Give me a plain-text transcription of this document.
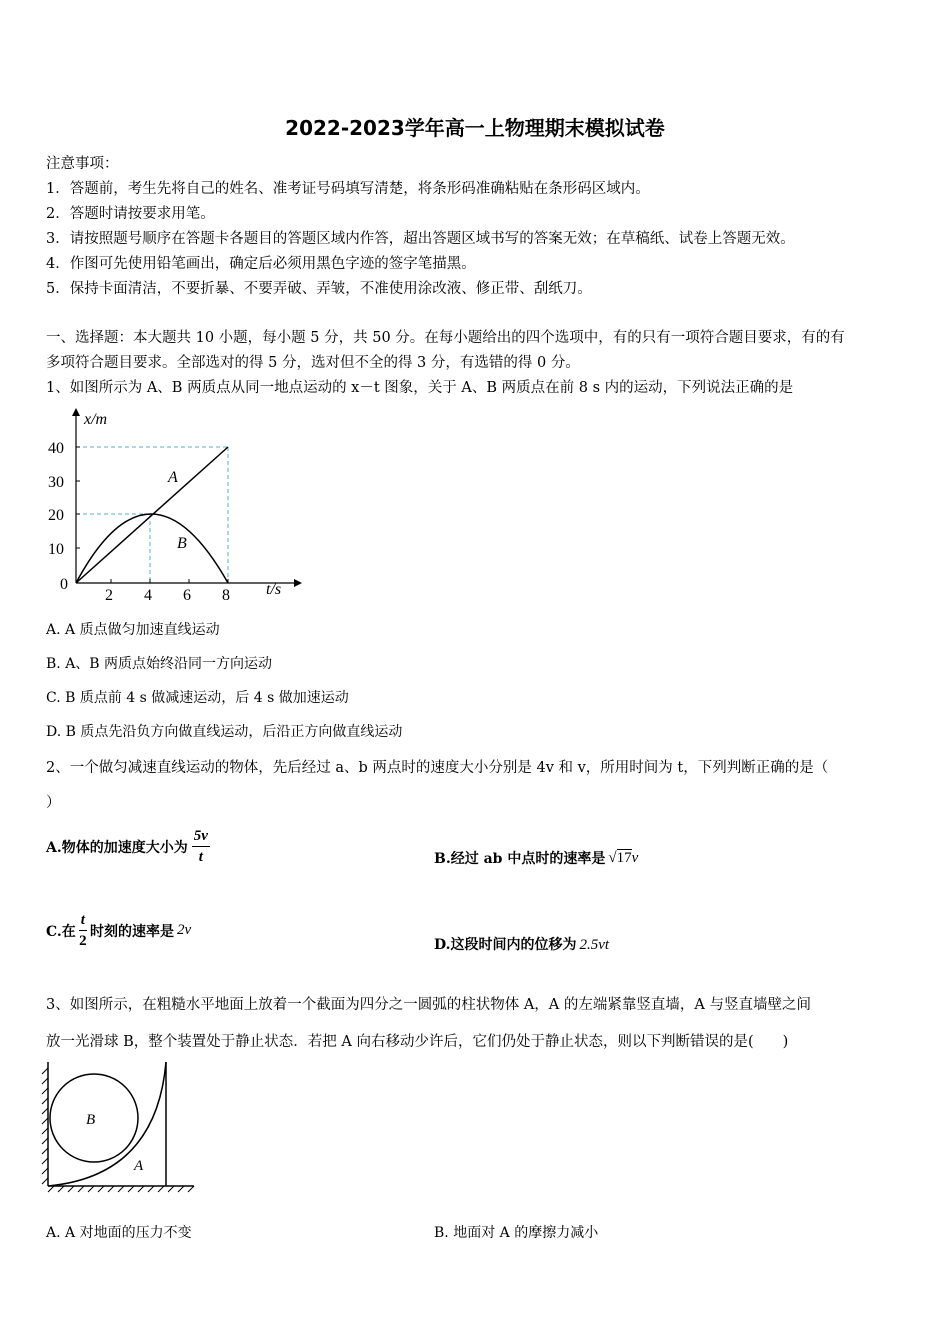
2022-2023学年高一上物理期末模拟试卷
注意事项：
1．答题前，考生先将自己的姓名、准考证号码填写清楚，将条形码准确粘贴在条形码区域内。
2．答题时请按要求用笔。
3．请按照题号顺序在答题卡各题目的答题区域内作答，超出答题区域书写的答案无效；在草稿纸、试卷上答题无效。
4．作图可先使用铅笔画出，确定后必须用黑色字迹的签字笔描黑。
5．保持卡面清洁，不要折暴、不要弄破、弄皱，不准使用涂改液、修正带、刮纸刀。
一、选择题：本大题共 10 小题，每小题 5 分，共 50 分。在每小题给出的四个选项中，有的只有一项符合题目要求，有的有
多项符合题目要求。全部选对的得 5 分，选对但不全的得 3 分，有选错的得 0 分。
1、如图所示为 A、B 两质点从同一地点运动的 x－t 图象，关于 A、B 两质点在前 8 s 内的运动，下列说法正确的是
x/m
t/s
40
30
20
10
0
2 4 6 8
A
B
A. A 质点做匀加速直线运动
B. A、B 两质点始终沿同一方向运动
C. B 质点前 4 s 做减速运动，后 4 s 做加速运动
D. B 质点先沿负方向做直线运动，后沿正方向做直线运动
2、一个做匀减速直线运动的物体，先后经过 a、b 两点时的速度大小分别是 4v 和 v，所用时间为 t，下列判断正确的是（
）
A.物体的加速度大小为 $\frac{5v}{t}$	B.经过 ab 中点时的速率是 √17v
C.在 $\frac{t}{2}$ 时刻的速率是 2v
D.这段时间内的位移为 2.5vt
3、如图所示，在粗糙水平地面上放着一个截面为四分之一圆弧的柱状物体 A，A 的左端紧靠竖直墙，A 与竖直墙壁之间
放一光滑球 B，整个装置处于静止状态．若把 A 向右移动少许后，它们仍处于静止状态，则以下判断错误的是(　　)
B
A
A. A 对地面的压力不变	B. 地面对 A 的摩擦力减小
